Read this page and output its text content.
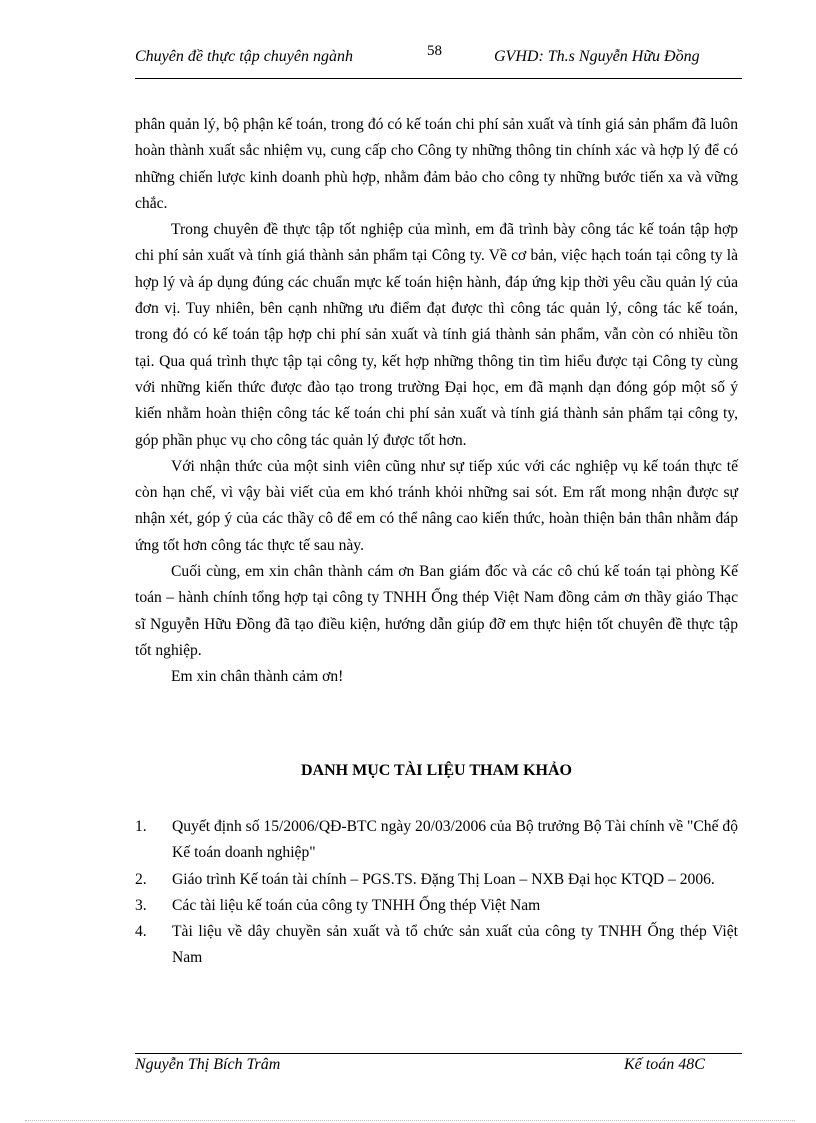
Chuyên đề thực tập chuyên ngành	58	GVHD: Th.s Nguyễn Hữu Đồng

phân quản lý, bộ phận kế toán, trong đó có kế toán chi phí sản xuất và tính giá sản phẩm đã luôn hoàn thành xuất sắc nhiệm vụ, cung cấp cho Công ty những thông tin chính xác và hợp lý để có những chiến lược kinh doanh phù hợp, nhằm đảm bảo cho công ty những bước tiến xa và vững chắc.

Trong chuyên đề thực tập tốt nghiệp của mình, em đã trình bày công tác kế toán tập hợp chi phí sản xuất và tính giá thành sản phẩm tại Công ty. Về cơ bản, việc hạch toán tại công ty là hợp lý và áp dụng đúng các chuẩn mực kế toán hiện hành, đáp ứng kịp thời yêu cầu quản lý của đơn vị. Tuy nhiên, bên cạnh những ưu điểm đạt được thì công tác quản lý, công tác kế toán, trong đó có kế toán tập hợp chi phí sản xuất và tính giá thành sản phẩm, vẫn còn có nhiều tồn tại. Qua quá trình thực tập tại công ty, kết hợp những thông tin tìm hiểu được tại Công ty cùng với những kiến thức được đào tạo trong trường Đại học, em đã mạnh dạn đóng góp một số ý kiến nhằm hoàn thiện công tác kế toán chi phí sản xuất và tính giá thành sản phẩm tại công ty, góp phần phục vụ cho công tác quản lý được tốt hơn.

Với nhận thức của một sinh viên cũng như sự tiếp xúc với các nghiệp vụ kế toán thực tế còn hạn chế, vì vậy bài viết của em khó tránh khỏi những sai sót. Em rất mong nhận được sự nhận xét, góp ý của các thầy cô để em có thể nâng cao kiến thức, hoàn thiện bản thân nhằm đáp ứng tốt hơn công tác thực tế sau này.

Cuối cùng, em xin chân thành cám ơn Ban giám đốc và các cô chú kế toán tại phòng Kế toán – hành chính tổng hợp tại công ty TNHH Ống thép Việt Nam đồng cảm ơn thầy giáo Thạc sĩ Nguyễn Hữu Đồng đã tạo điều kiện, hướng dẫn giúp đỡ em thực hiện tốt chuyên đề thực tập tốt nghiệp.

Em xin chân thành cảm ơn!

DANH MỤC TÀI LIỆU THAM KHẢO
1. Quyết định số 15/2006/QĐ-BTC ngày 20/03/2006 của Bộ trưởng Bộ Tài chính về "Chế độ Kế toán doanh nghiệp"
2. Giáo trình Kế toán tài chính – PGS.TS. Đặng Thị Loan – NXB Đại học KTQD – 2006.
3. Các tài liệu kế toán của công ty TNHH Ống thép Việt Nam
4. Tài liệu về dây chuyền sản xuất và tổ chức sản xuất của công ty TNHH Ống thép Việt Nam
Nguyễn Thị Bích Trâm	Kế toán 48C
